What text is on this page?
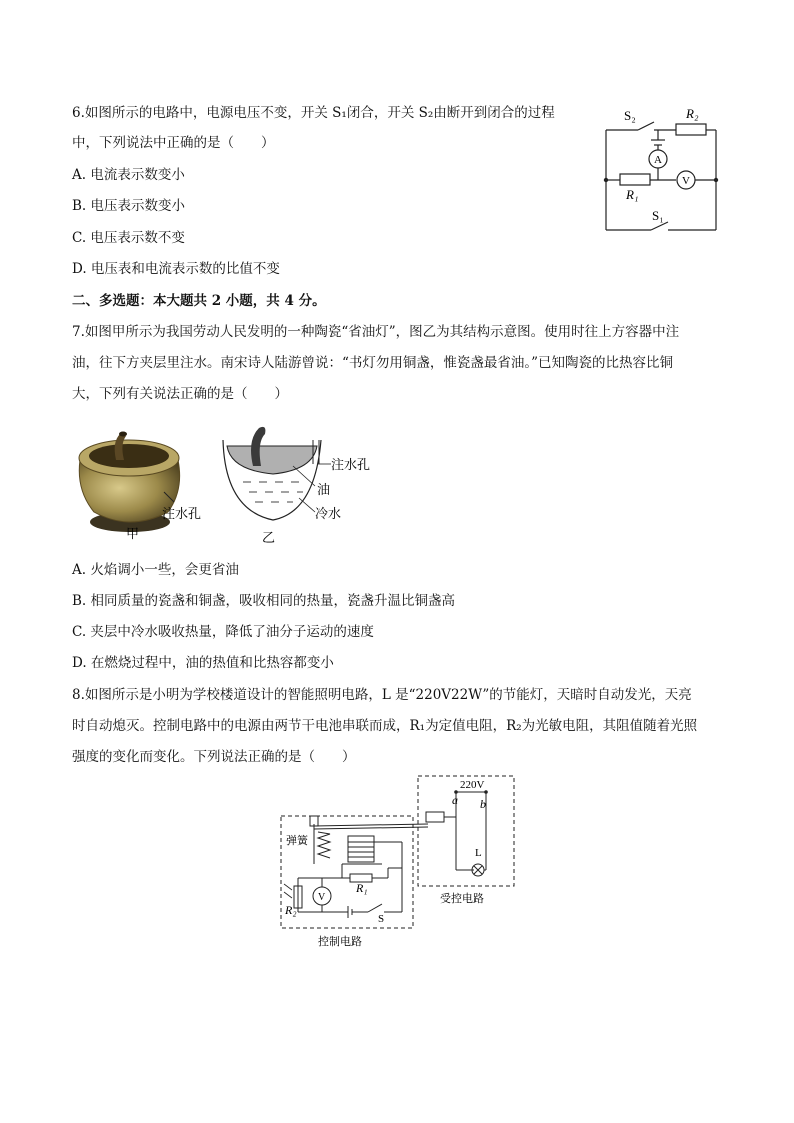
6.如图所示的电路中，电源电压不变，开关 S₁闭合，开关 S₂由断开到闭合的过程
中，下列说法中正确的是（　　）
A. 电流表示数变小
B. 电压表示数变小
C. 电压表示数不变
D. 电压表和电流表示数的比值不变
S₂	R₂
A
V
R₁
S₁
二、多选题：本大题共 2 小题，共 4 分。
7.如图甲所示为我国劳动人民发明的一种陶瓷“省油灯”，图乙为其结构示意图。使用时往上方容器中注
油，往下方夹层里注水。南宋诗人陆游曾说：“书灯勿用铜盏，惟瓷盏最省油。”已知陶瓷的比热容比铜
大，下列有关说法正确的是（　　）
注水孔
甲
注水孔
油
冷水
乙
A. 火焰调小一些，会更省油
B. 相同质量的瓷盏和铜盏，吸收相同的热量，瓷盏升温比铜盏高
C. 夹层中冷水吸收热量，降低了油分子运动的速度
D. 在燃烧过程中，油的热值和比热容都变小
8.如图所示是小明为学校楼道设计的智能照明电路，L 是“220V22W”的节能灯，天暗时自动发光，天亮
时自动熄灭。控制电路中的电源由两节干电池串联而成，R₁为定值电阻，R₂为光敏电阻，其阻值随着光照
强度的变化而变化。下列说法正确的是（　　）
220V
a b
弹簧
L
R₁
R₂
V
S
受控电路
控制电路
